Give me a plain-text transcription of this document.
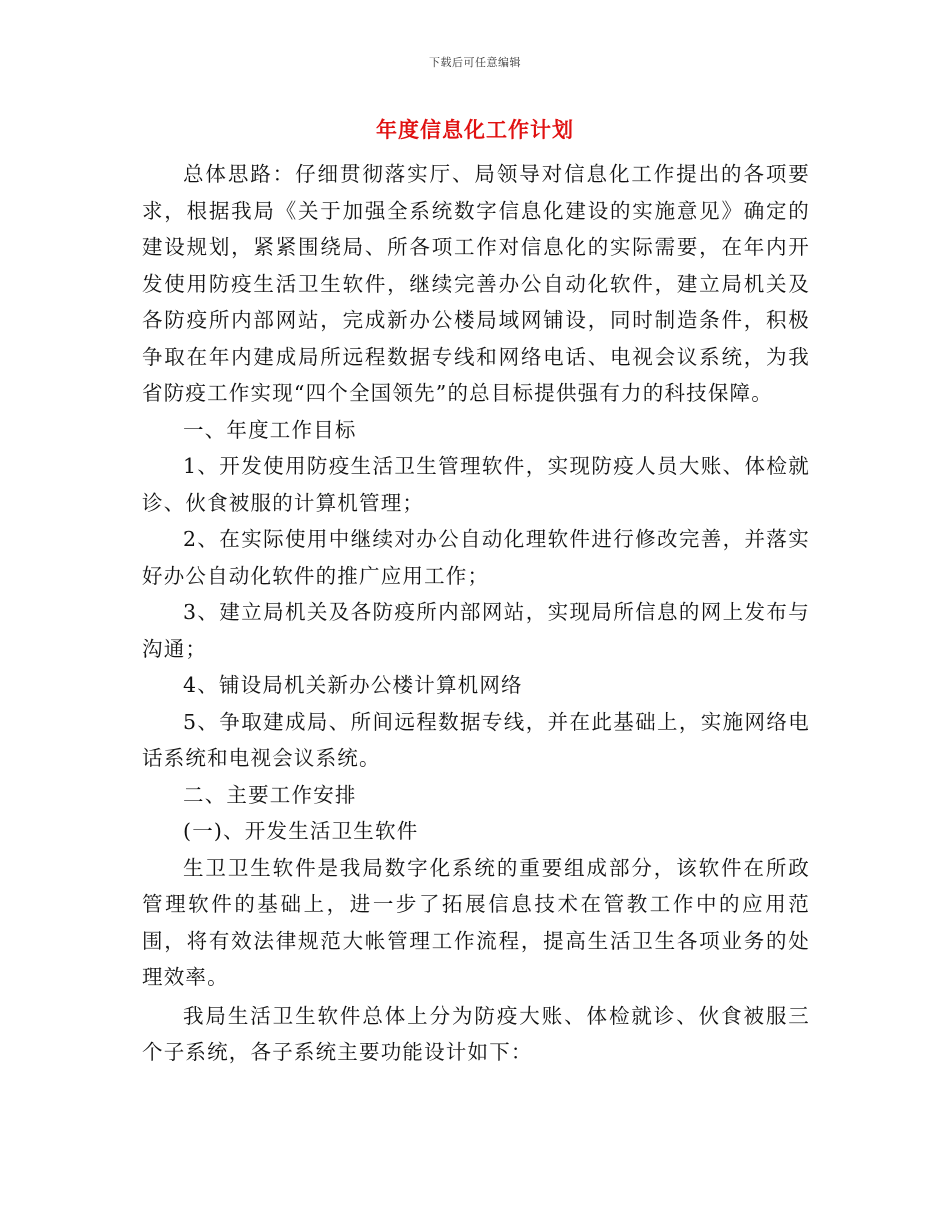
下载后可任意编辑
年度信息化工作计划

总体思路：仔细贯彻落实厅、局领导对信息化工作提出的各项要求，根据我局《关于加强全系统数字信息化建设的实施意见》确定的建设规划，紧紧围绕局、所各项工作对信息化的实际需要，在年内开发使用防疫生活卫生软件，继续完善办公自动化软件，建立局机关及各防疫所内部网站，完成新办公楼局域网铺设，同时制造条件，积极争取在年内建成局所远程数据专线和网络电话、电视会议系统，为我省防疫工作实现“四个全国领先”的总目标提供强有力的科技保障。

一、年度工作目标

1、开发使用防疫生活卫生管理软件，实现防疫人员大账、体检就诊、伙食被服的计算机管理；

2、在实际使用中继续对办公自动化理软件进行修改完善，并落实好办公自动化软件的推广应用工作；

3、建立局机关及各防疫所内部网站，实现局所信息的网上发布与沟通；

4、铺设局机关新办公楼计算机网络

5、争取建成局、所间远程数据专线，并在此基础上，实施网络电话系统和电视会议系统。

二、主要工作安排

(一)、开发生活卫生软件

生卫卫生软件是我局数字化系统的重要组成部分，该软件在所政管理软件的基础上，进一步了拓展信息技术在管教工作中的应用范围，将有效法律规范大帐管理工作流程，提高生活卫生各项业务的处理效率。

我局生活卫生软件总体上分为防疫大账、体检就诊、伙食被服三个子系统，各子系统主要功能设计如下：
